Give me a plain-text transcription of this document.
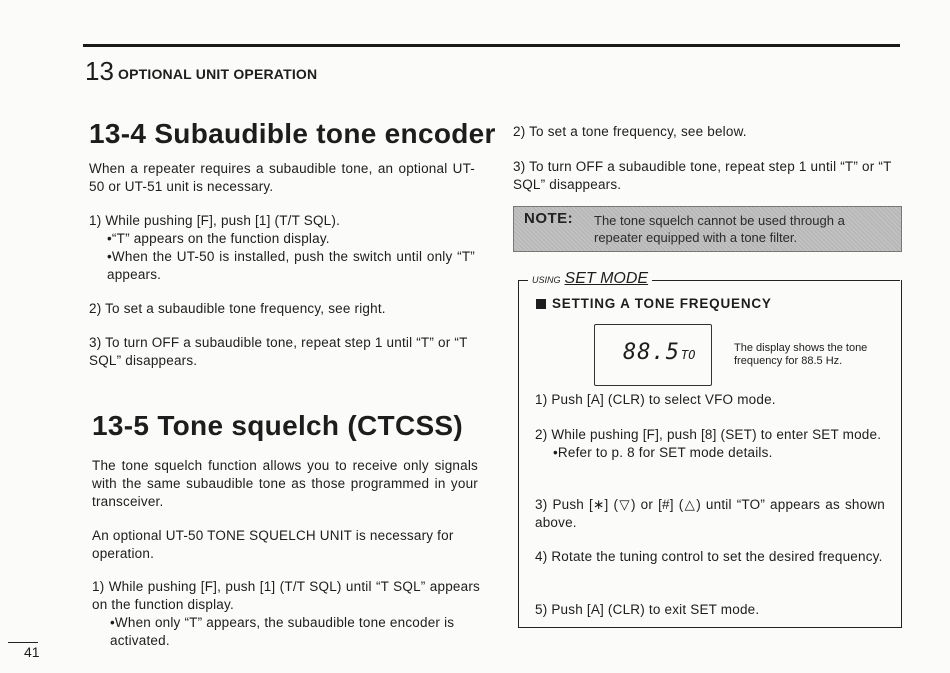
13 OPTIONAL UNIT OPERATION
13-4 Subaudible tone encoder
When a repeater requires a subaudible tone, an optional UT-50 or UT-51 unit is necessary.
1) While pushing [F], push [1] (T/T SQL).
•“T” appears on the function display.
•When the UT-50 is installed, push the switch until only “T” appears.
2) To set a subaudible tone frequency, see right.
3) To turn OFF a subaudible tone, repeat step 1 until “T” or “T SQL” disappears.
13-5 Tone squelch (CTCSS)
The tone squelch function allows you to receive only signals with the same subaudible tone as those programmed in your transceiver.
An optional UT-50 TONE SQUELCH UNIT is necessary for operation.
1) While pushing [F], push [1] (T/T SQL) until “T SQL” appears on the function display.
•When only “T” appears, the subaudible tone encoder is activated.
2) To set a tone frequency, see below.
3) To turn OFF a subaudible tone, repeat step 1 until “T” or “T SQL” disappears.
NOTE: The tone squelch cannot be used through a repeater equipped with a tone filter.
USING SET MODE
SETTING A TONE FREQUENCY
88.5 TO	The display shows the tone frequency for 88.5 Hz.
1) Push [A] (CLR) to select VFO mode.
2) While pushing [F], push [8] (SET) to enter SET mode.
•Refer to p. 8 for SET mode details.
3) Push [∗] (▽) or [#] (△) until “TO” appears as shown above.
4) Rotate the tuning control to set the desired frequency.
5) Push [A] (CLR) to exit SET mode.
41
